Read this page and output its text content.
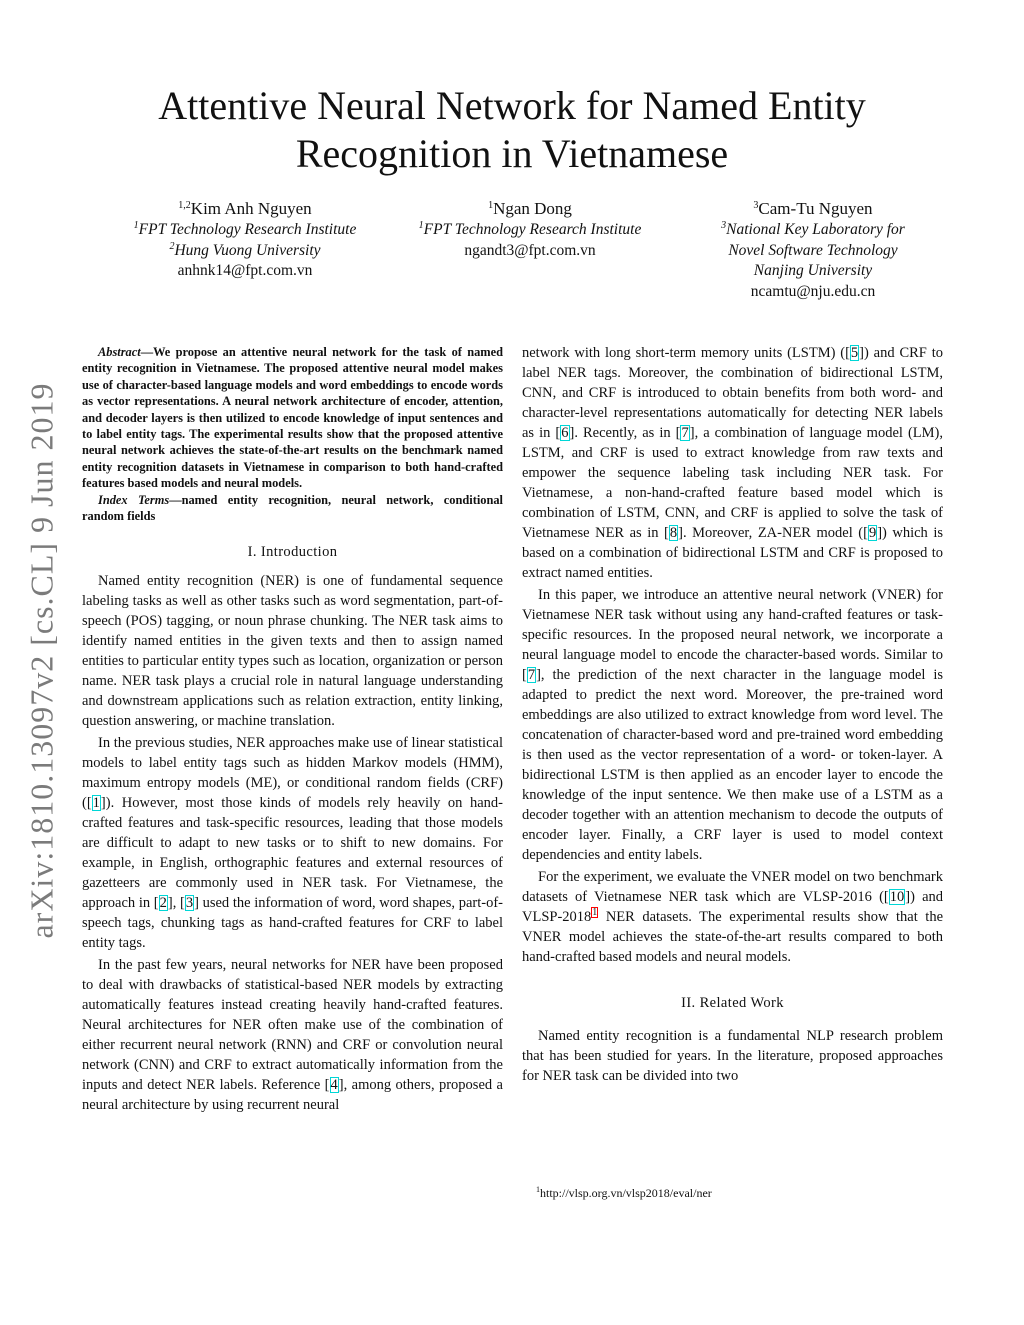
arXiv:1810.13097v2 [cs.CL] 9 Jun 2019
Attentive Neural Network for Named Entity
Recognition in Vietnamese
$^{1,2}$Kim Anh Nguyen
$^1$FPT Technology Research Institute
$^2$Hung Vuong University
anhnk14@fpt.com.vn
$^1$Ngan Dong
$^1$FPT Technology Research Institute
ngandt3@fpt.com.vn
$^3$Cam-Tu Nguyen
$^3$National Key Laboratory for
Novel Software Technology
Nanjing University
ncamtu@nju.edu.cn

Abstract—We propose an attentive neural network for the task of named entity recognition in Vietnamese. The proposed attentive neural model makes use of character-based language models and word embeddings to encode words as vector representations. A neural network architecture of encoder, attention, and decoder layers is then utilized to encode knowledge of input sentences and to label entity tags. The experimental results show that the proposed attentive neural network achieves the state-of-the-art results on the benchmark named entity recognition datasets in Vietnamese in comparison to both hand-crafted features based models and neural models.

Index Terms—named entity recognition, neural network, conditional random fields

I. Introduction

Named entity recognition (NER) is one of fundamental sequence labeling tasks as well as other tasks such as word segmentation, part-of-speech (POS) tagging, or noun phrase chunking. The NER task aims to identify named entities in the given texts and then to assign named entities to particular entity types such as location, organization or person name. NER task plays a crucial role in natural language understanding and downstream applications such as relation extraction, entity linking, question answering, or machine translation.

In the previous studies, NER approaches make use of linear statistical models to label entity tags such as hidden Markov models (HMM), maximum entropy models (ME), or conditional random fields (CRF) ([1]). However, most those kinds of models rely heavily on hand-crafted features and task-specific resources, leading that those models are difficult to adapt to new tasks or to shift to new domains. For example, in English, orthographic features and external resources of gazetteers are commonly used in NER task. For Vietnamese, the approach in [2], [3] used the information of word, word shapes, part-of-speech tags, chunking tags as hand-crafted features for CRF to label entity tags.

In the past few years, neural networks for NER have been proposed to deal with drawbacks of statistical-based NER models by extracting automatically features instead creating heavily hand-crafted features. Neural architectures for NER often make use of the combination of either recurrent neural network (RNN) and CRF or convolution neural network (CNN) and CRF to extract automatically information from the inputs and detect NER labels. Reference [4], among others, proposed a neural architecture by using recurrent neural

network with long short-term memory units (LSTM) ([5]) and CRF to label NER tags. Moreover, the combination of bidirectional LSTM, CNN, and CRF is introduced to obtain benefits from both word- and character-level representations automatically for detecting NER labels as in [6]. Recently, as in [7], a combination of language model (LM), LSTM, and CRF is used to extract knowledge from raw texts and empower the sequence labeling task including NER task. For Vietnamese, a non-hand-crafted feature based model which is combination of LSTM, CNN, and CRF is applied to solve the task of Vietnamese NER as in [8]. Moreover, ZA-NER model ([9]) which is based on a combination of bidirectional LSTM and CRF is proposed to extract named entities.

In this paper, we introduce an attentive neural network (VNER) for Vietnamese NER task without using any hand-crafted features or task-specific resources. In the proposed neural network, we incorporate a neural language model to encode the character-based words. Similar to [7], the prediction of the next character in the language model is adapted to predict the next word. Moreover, the pre-trained word embeddings are also utilized to extract knowledge from word level. The concatenation of character-based word and pre-trained word embedding is then used as the vector representation of a word- or token-layer. A bidirectional LSTM is then applied as an encoder layer to encode the knowledge of the input sentence. We then make use of a LSTM as a decoder together with an attention mechanism to decode the outputs of encoder layer. Finally, a CRF layer is used to model context dependencies and entity labels.

For the experiment, we evaluate the VNER model on two benchmark datasets of Vietnamese NER task which are VLSP-2016 ([10]) and VLSP-2018$^1$ NER datasets. The experimental results show that the VNER model achieves the state-of-the-art results compared to both hand-crafted based models and neural models.

II. Related Work

Named entity recognition is a fundamental NLP research problem that has been studied for years. In the literature, proposed approaches for NER task can be divided into two

$^1$http://vlsp.org.vn/vlsp2018/eval/ner
